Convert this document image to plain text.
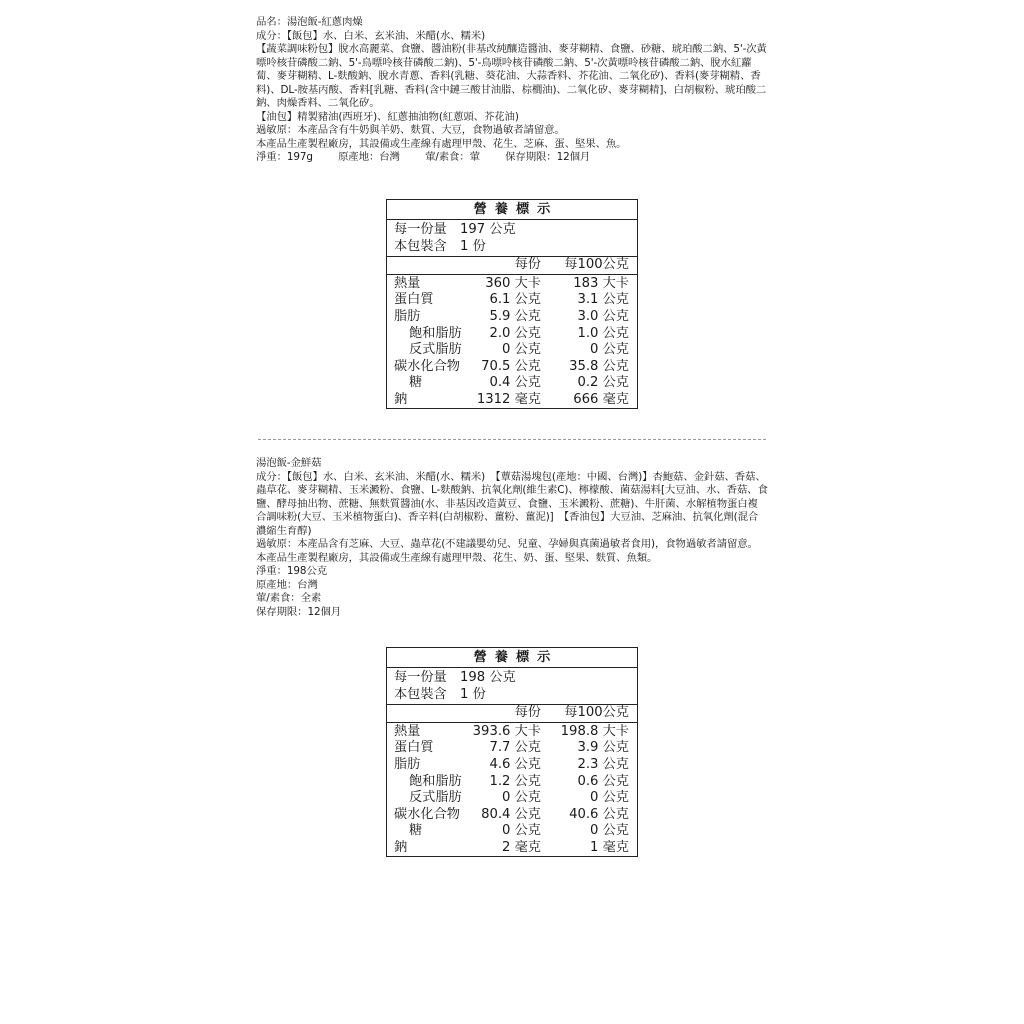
品名：湯泡飯-紅蔥肉燥

成分：【飯包】水、白米、玄米油、米醋(水、糯米)

【蔬菜調味粉包】脫水高麗菜、食鹽、醬油粉(非基改純釀造醬油、麥芽糊精、食鹽、砂糖、琥珀酸二鈉、5'-次黃嘌呤核苷磷酸二鈉、5'-鳥嘌呤核苷磷酸二鈉)、5'-鳥嘌呤核苷磷酸二鈉、5'-次黃嘌呤核苷磷酸二鈉、脫水紅蘿蔔、麥芽糊精、L-麩酸鈉、脫水青蔥、香料(乳糖、葵花油、大蒜香料、芥花油、二氧化矽)、香料(麥芽糊精、香料)、DL-胺基丙酸、香料[乳糖、香料(含中鏈三酸甘油脂、棕櫚油)、二氧化矽、麥芽糊精]、白胡椒粉、琥珀酸二鈉、肉燥香料、二氧化矽。

【油包】精製豬油(西班牙)、紅蔥抽油物(紅蔥頭、芥花油)

過敏原：本產品含有牛奶與羊奶、麩質、大豆，食物過敏者請留意。

本產品生產製程廠房，其設備或生產線有處理甲殼、花生、芝麻、蛋、堅果、魚。

淨重：197g 原產地：台灣 葷/素食：葷 保存期限：12個月

營養標示
每一份量 197 公克
本包裝含 1 份
每份	每100公克
熱量	360 大卡	183 大卡
蛋白質	6.1 公克	3.1 公克
脂肪	5.9 公克	3.0 公克
飽和脂肪	2.0 公克	1.0 公克
反式脂肪	0 公克	0 公克
碳水化合物	70.5 公克	35.8 公克
糖	0.4 公克	0.2 公克
鈉	1312 毫克	666 毫克

湯泡飯-金鮮菇

成分：【飯包】水、白米、玄米油、米醋(水、糯米)　【蕈菇湯塊包(產地：中國、台灣)】杏鮑菇、金針菇、香菇、蟲草花、麥芽糊精、玉米澱粉、食鹽、L-麩酸鈉、抗氧化劑(維生素C)、檸檬酸、菌菇湯料[大豆油、水、香菇、食鹽、酵母抽出物、蔗糖、無麩質醬油(水、非基因改造黃豆、食鹽、玉米澱粉、蔗糖)、牛肝菌、水解植物蛋白複合調味粉(大豆、玉米植物蛋白)、香辛料(白胡椒粉、薑粉、薑泥)]　【香油包】大豆油、芝麻油、抗氧化劑(混合濃縮生育醇)

過敏原：本產品含有芝麻、大豆、蟲草花(不建議嬰幼兒、兒童、孕婦與真菌過敏者食用)，食物過敏者請留意。

本產品生產製程廠房，其設備或生產線有處理甲殼、花生、奶、蛋、堅果、麩質、魚類。

淨重：198公克

原產地：台灣

葷/素食：全素

保存期限：12個月

營養標示
每一份量 198 公克
本包裝含 1 份
每份	每100公克
熱量	393.6 大卡	198.8 大卡
蛋白質	7.7 公克	3.9 公克
脂肪	4.6 公克	2.3 公克
飽和脂肪	1.2 公克	0.6 公克
反式脂肪	0 公克	0 公克
碳水化合物	80.4 公克	40.6 公克
糖	0 公克	0 公克
鈉	2 毫克	1 毫克
